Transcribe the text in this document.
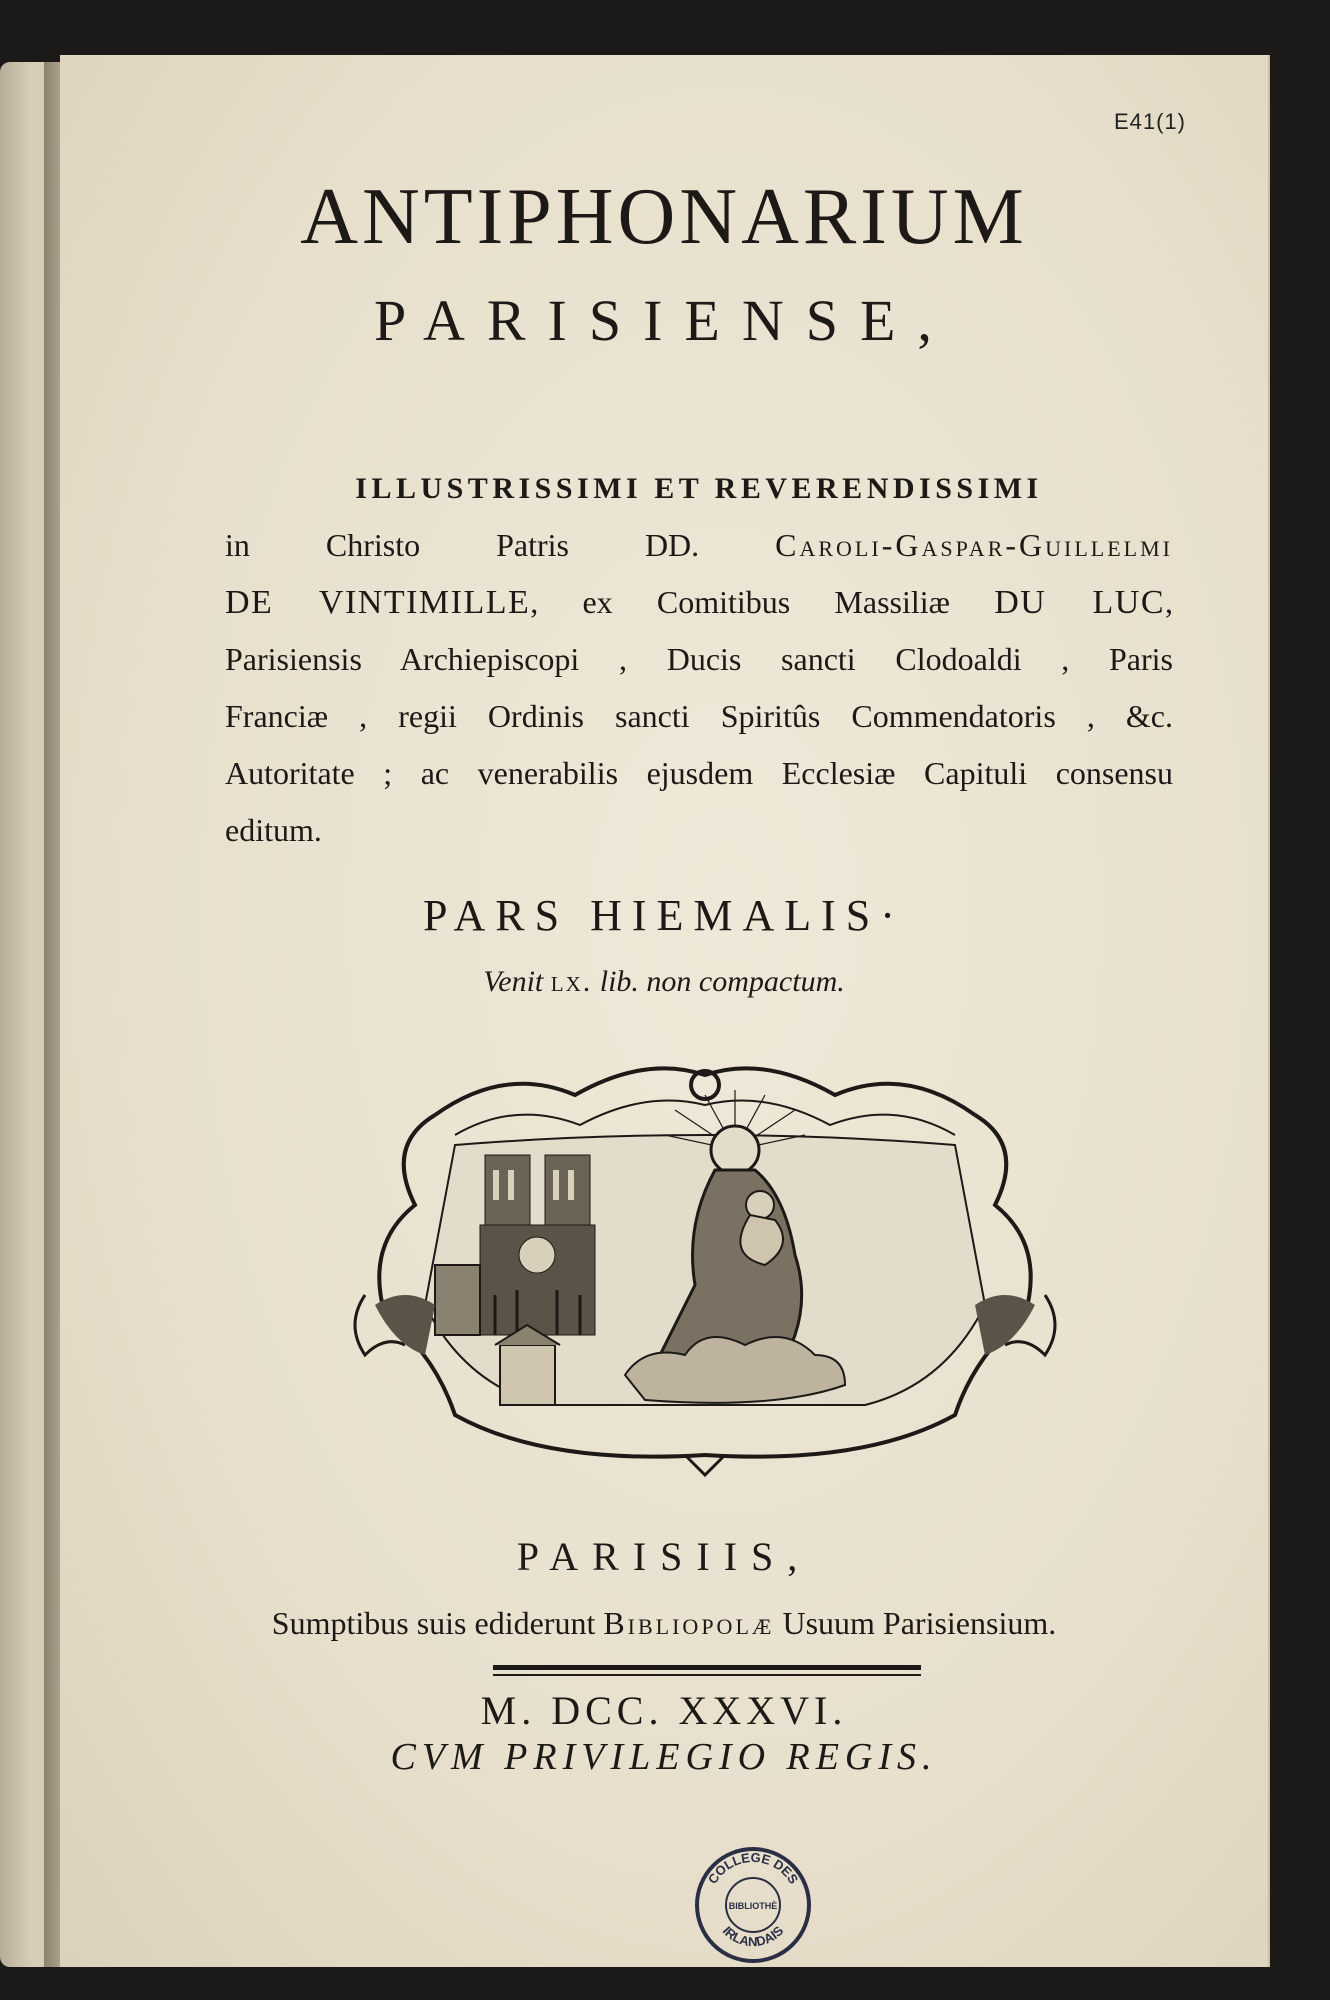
E41(1)
ANTIPHONARIUM
PARISIENSE,
ILLUSTRISSIMI ET REVERENDISSIMI
in Christo Patris DD. Caroli-Gaspar-Guillelmi
DE VINTIMILLE, ex Comitibus Massiliæ DU LUC,
Parisiensis Archiepiscopi , Ducis sancti Clodoaldi , Paris
Franciæ , regii Ordinis sancti Spiritûs Commendatoris , &c.
Autoritate ; ac venerabilis ejusdem Ecclesiæ Capituli consensu
editum.
PARS HIEMALIS·
Venit lx. lib. non compactum.
PARISIIS,
Sumptibus suis ediderunt Bibliopolæ Usuum Parisiensium.
M. DCC. XXXVI.
CVM PRIVILEGIO REGIS.
COLLEGE DES
BIBLIOTHÈ
IRLANDAIS
